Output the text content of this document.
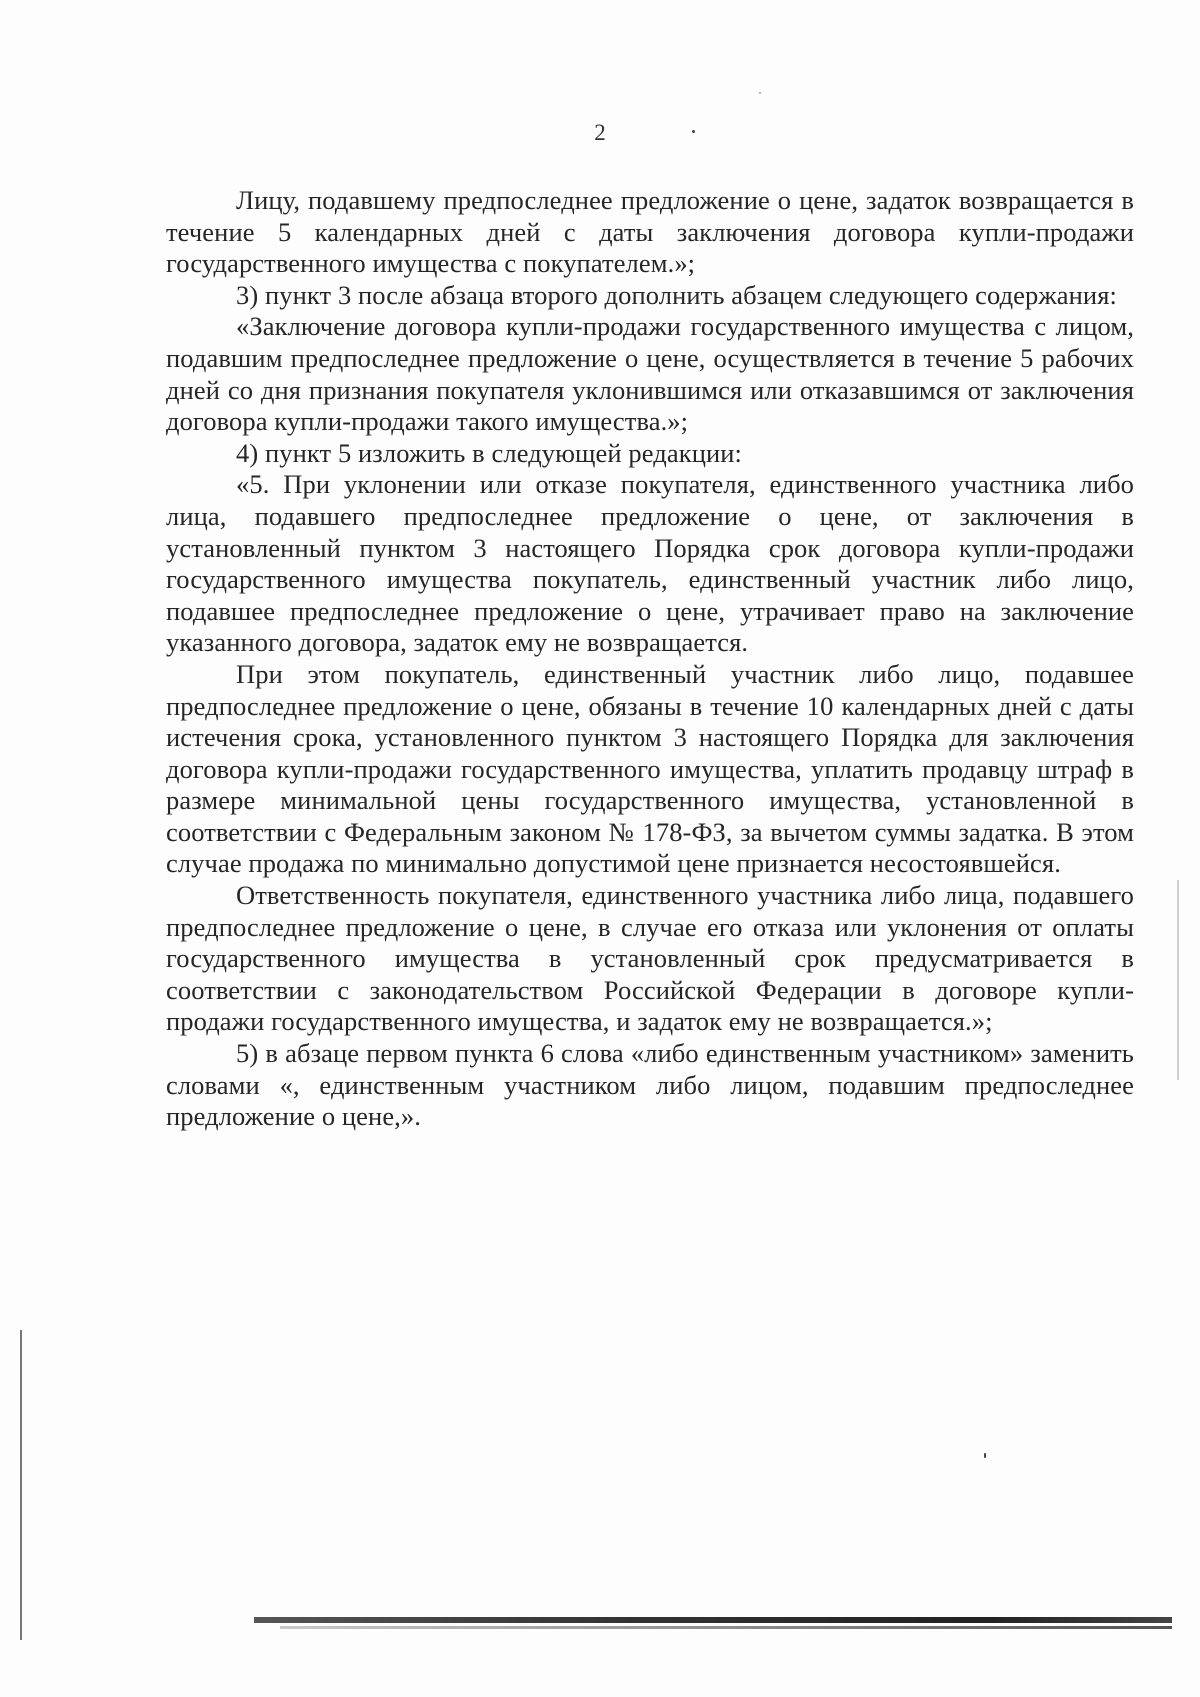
2

Лицу, подавшему предпоследнее предложение о цене, задаток возвращается в течение 5 календарных дней с даты заключения договора купли-продажи государственного имущества с покупателем.»;

3) пункт 3 после абзаца второго дополнить абзацем следующего содержания:

«Заключение договора купли-продажи государственного имущества с лицом, подавшим предпоследнее предложение о цене, осуществляется в течение 5 рабочих дней со дня признания покупателя уклонившимся или отказавшимся от заключения договора купли-продажи такого имущества.»;

4) пункт 5 изложить в следующей редакции:

«5. При уклонении или отказе покупателя, единственного участника либо лица, подавшего предпоследнее предложение о цене, от заключения в установленный пунктом 3 настоящего Порядка срок договора купли-продажи государственного имущества покупатель, единственный участник либо лицо, подавшее предпоследнее предложение о цене, утрачивает право на заключение указанного договора, задаток ему не возвращается.

При этом покупатель, единственный участник либо лицо, подавшее предпоследнее предложение о цене, обязаны в течение 10 календарных дней с даты истечения срока, установленного пунктом 3 настоящего Порядка для заключения договора купли-продажи государственного имущества, уплатить продавцу штраф в размере минимальной цены государственного имущества, установленной в соответствии с Федеральным законом № 178-ФЗ, за вычетом суммы задатка. В этом случае продажа по минимально допустимой цене признается несостоявшейся.

Ответственность покупателя, единственного участника либо лица, подавшего предпоследнее предложение о цене, в случае его отказа или уклонения от оплаты государственного имущества в установленный срок предусматривается в соответствии с законодательством Российской Федерации в договоре купли-продажи государственного имущества, и задаток ему не возвращается.»;

5) в абзаце первом пункта 6 слова «либо единственным участником» заменить словами «, единственным участником либо лицом, подавшим предпоследнее предложение о цене,».
